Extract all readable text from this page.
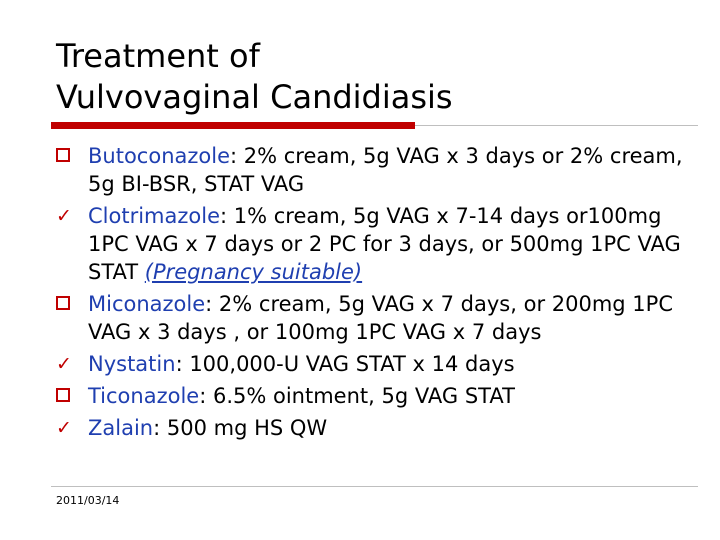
Treatment of
Vulvovaginal Candidiasis
Butoconazole: 2% cream, 5g VAG x 3 days or 2% cream, 5g BI-BSR, STAT VAG
✓ Clotrimazole: 1% cream, 5g VAG x 7-14 days or100mg 1PC VAG x 7 days or 2 PC for 3 days, or 500mg 1PC VAG STAT (Pregnancy suitable)
Miconazole: 2% cream, 5g VAG x 7 days, or 200mg 1PC VAG x 3 days , or 100mg 1PC VAG x 7 days
✓ Nystatin: 100,000-U VAG STAT x 14 days
Ticonazole: 6.5% ointment, 5g VAG STAT
✓ Zalain: 500 mg HS QW
2011/03/14
